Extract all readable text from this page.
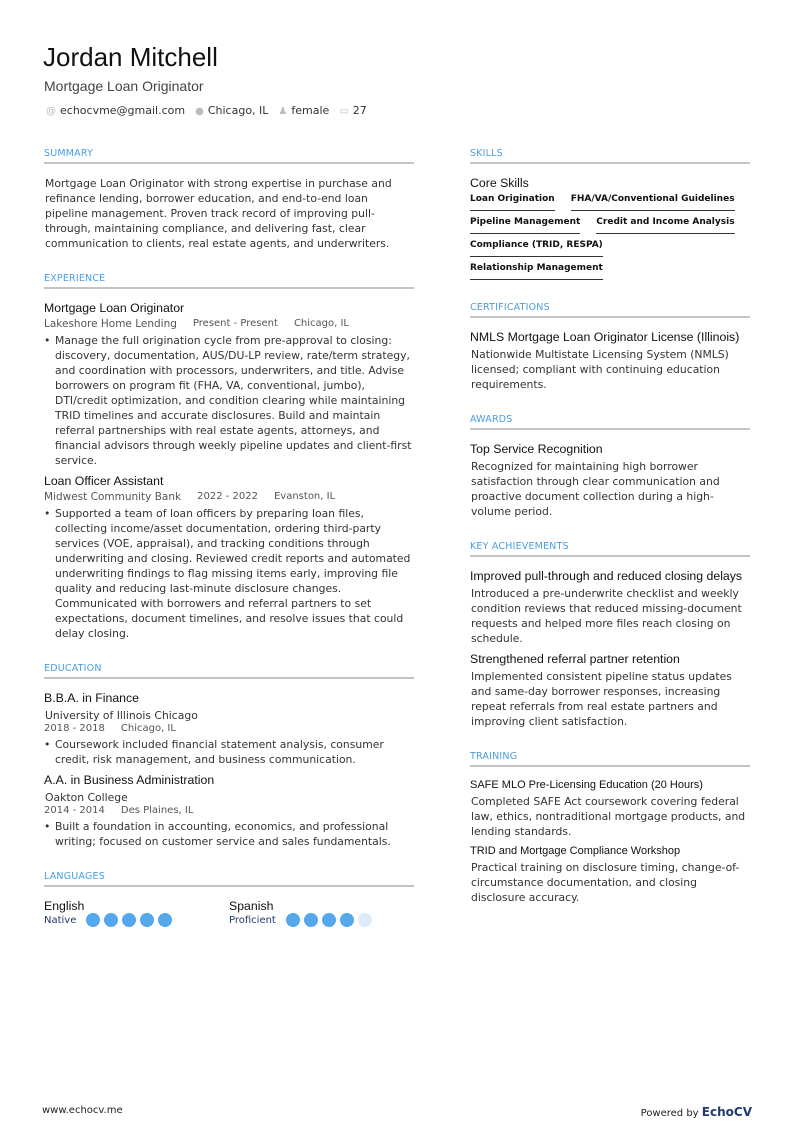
Jordan Mitchell
Mortgage Loan Originator
@ echocvme@gmail.com ● Chicago, IL ♟ female ▭ 27
SUMMARY
Mortgage Loan Originator with strong expertise in purchase and refinance lending, borrower education, and end-to-end loan pipeline management. Proven track record of improving pull-through, maintaining compliance, and delivering fast, clear communication to clients, real estate agents, and underwriters.
EXPERIENCE
Mortgage Loan Originator
Lakeshore Home Lending Present - Present Chicago, IL
• Manage the full origination cycle from pre-approval to closing: discovery, documentation, AUS/DU-LP review, rate/term strategy, and coordination with processors, underwriters, and title. Advise borrowers on program fit (FHA, VA, conventional, jumbo), DTI/credit optimization, and condition clearing while maintaining TRID timelines and accurate disclosures. Build and maintain referral partnerships with real estate agents, attorneys, and financial advisors through weekly pipeline updates and client-first service.
Loan Officer Assistant
Midwest Community Bank 2022 - 2022 Evanston, IL
• Supported a team of loan officers by preparing loan files, collecting income/asset documentation, ordering third-party services (VOE, appraisal), and tracking conditions through underwriting and closing. Reviewed credit reports and automated underwriting findings to flag missing items early, improving file quality and reducing last-minute disclosure changes. Communicated with borrowers and referral partners to set expectations, document timelines, and resolve issues that could delay closing.
EDUCATION
B.B.A. in Finance
University of Illinois Chicago
2018 - 2018 Chicago, IL
• Coursework included financial statement analysis, consumer credit, risk management, and business communication.
A.A. in Business Administration
Oakton College
2014 - 2014 Des Plaines, IL
• Built a foundation in accounting, economics, and professional writing; focused on customer service and sales fundamentals.
LANGUAGES
English
Native
Spanish
Proficient
SKILLS
Core Skills
Loan Origination FHA/VA/Conventional Guidelines
Pipeline Management Credit and Income Analysis
Compliance (TRID, RESPA)
Relationship Management
CERTIFICATIONS
NMLS Mortgage Loan Originator License (Illinois)
Nationwide Multistate Licensing System (NMLS) licensed; compliant with continuing education requirements.
AWARDS
Top Service Recognition
Recognized for maintaining high borrower satisfaction through clear communication and proactive document collection during a high-volume period.
KEY ACHIEVEMENTS
Improved pull-through and reduced closing delays
Introduced a pre-underwrite checklist and weekly condition reviews that reduced missing-document requests and helped more files reach closing on schedule.
Strengthened referral partner retention
Implemented consistent pipeline status updates and same-day borrower responses, increasing repeat referrals from real estate partners and improving client satisfaction.
TRAINING
SAFE MLO Pre-Licensing Education (20 Hours)
Completed SAFE Act coursework covering federal law, ethics, nontraditional mortgage products, and lending standards.
TRID and Mortgage Compliance Workshop
Practical training on disclosure timing, change-of-circumstance documentation, and closing disclosure accuracy.
www.echocv.me	Powered by EchoCV
